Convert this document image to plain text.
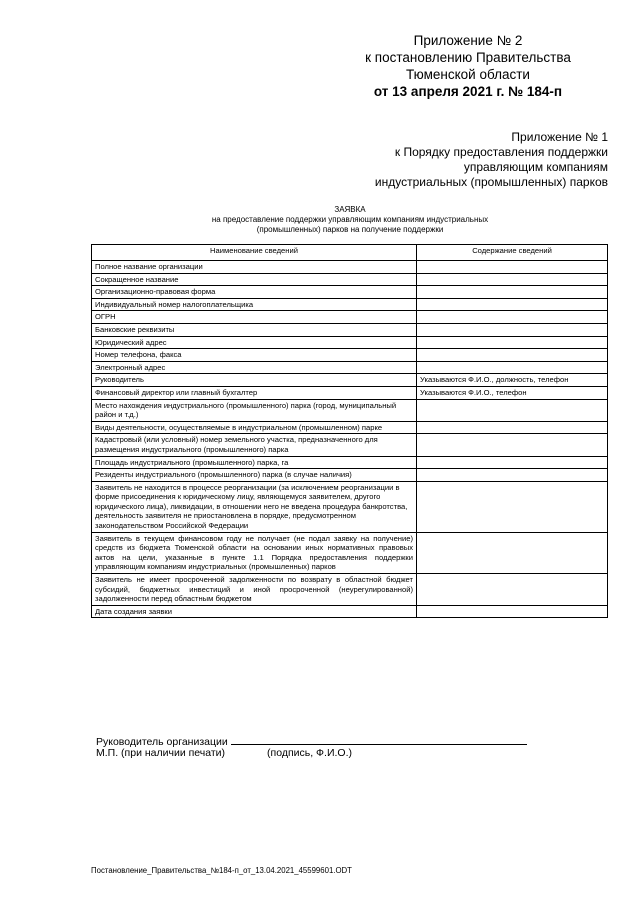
Приложение № 2
к постановлению Правительства
Тюменской области
от 13 апреля 2021 г. № 184-п
Приложение № 1
к Порядку предоставления поддержки
управляющим компаниям
индустриальных (промышленных) парков
ЗАЯВКА
на предоставление поддержки управляющим компаниям индустриальных
(промышленных) парков на получение поддержки
Наименование сведений	Содержание сведений
Полное название организации	
Сокращенное название	
Организационно-правовая форма	
Индивидуальный номер налогоплательщика	
ОГРН	
Банковские реквизиты	
Юридический адрес	
Номер телефона, факса	
Электронный адрес	
Руководитель	Указываются Ф.И.О., должность, телефон
Финансовый директор или главный бухгалтер	Указываются Ф.И.О., телефон
Место нахождения индустриального (промышленного) парка (город, муниципальный район и т.д.)	
Виды деятельности, осуществляемые в индустриальном (промышленном) парке	
Кадастровый (или условный) номер земельного участка, предназначенного для размещения индустриального (промышленного) парка	
Площадь индустриального (промышленного) парка, га	
Резиденты индустриального (промышленного) парка (в случае наличия)	
Заявитель не находится в процессе реорганизации (за исключением реорганизации в форме присоединения к юридическому лицу, являющемуся заявителем, другого юридического лица), ликвидации, в отношении него не введена процедура банкротства, деятельность заявителя не приостановлена в порядке, предусмотренном законодательством Российской Федерации	
Заявитель в текущем финансовом году не получает (не подал заявку на получение) средств из бюджета Тюменской области на основании иных нормативных правовых актов на цели, указанные в пункте 1.1 Порядка предоставления поддержки управляющим компаниям индустриальных (промышленных) парков	
Заявитель не имеет просроченной задолженности по возврату в областной бюджет субсидий, бюджетных инвестиций и иной просроченной (неурегулированной) задолженности перед областным бюджетом	
Дата создания заявки	
Руководитель организации
М.П. (при наличии печати)	(подпись, Ф.И.О.)
Постановление_Правительства_№184-п_от_13.04.2021_45599601.ODT
